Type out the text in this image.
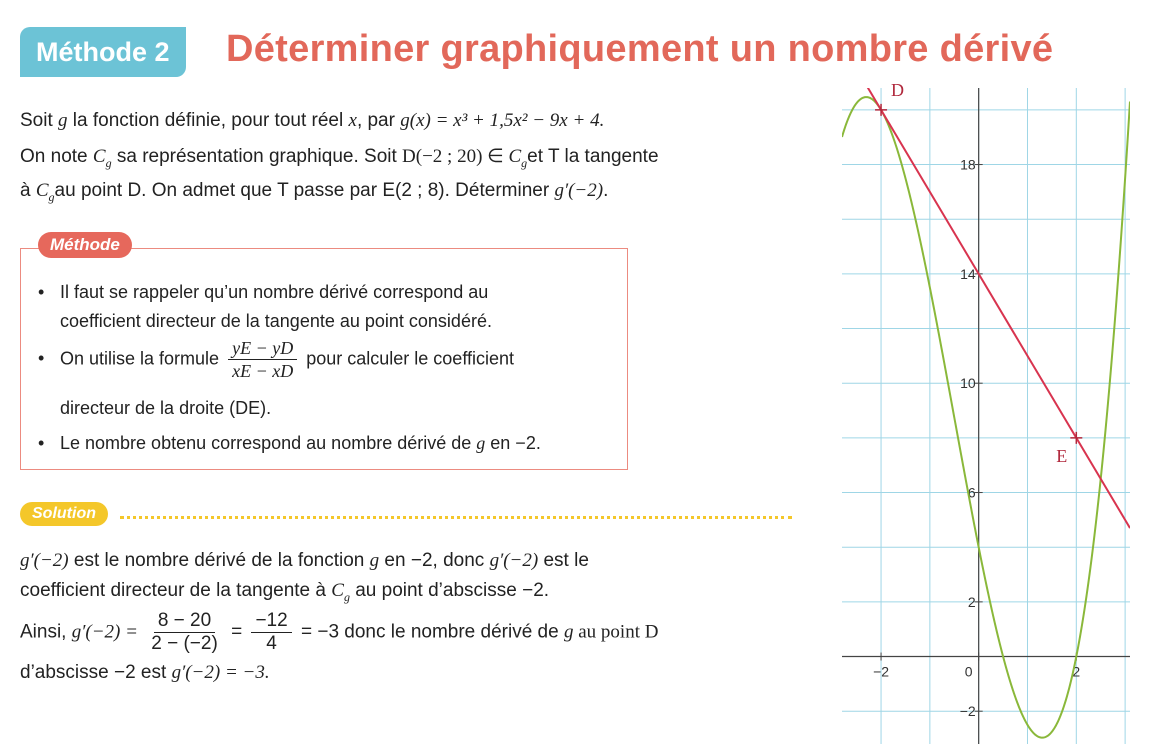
Méthode 2	Déterminer graphiquement un nombre dérivé
Soit g la fonction définie, pour tout réel x, par g(x) = x³ + 1,5x² − 9x + 4.
On note $C_g$ sa représentation graphique. Soit D(−2 ; 20) ∈ $C_get$ T la tangente
à $C_gau$ point D. On admet que T passe par E(2 ; 8). Déterminer g′(−2).
Méthode
• Il faut se rappeler qu’un nombre dérivé correspond au
coefficient directeur de la tangente au point considéré.
• On utilise la formule $\frac{yE - yD}{xE - xD}$ pour calculer le coefficient
directeur de la droite (DE).
• Le nombre obtenu correspond au nombre dérivé de g en −2.
Solution
g′(−2) est le nombre dérivé de la fonction g en −2, donc g′(−2) est le
coefficient directeur de la tangente à $C_g$ au point d’abscisse −2.
Ainsi, $g'(-2) = \frac{8 - 20}{2 - (-2)} = \frac{-12}{4} = -3$ donc le nombre dérivé de g au point D
d’abscisse −2 est g′(−2) = −3.
18
14
10
6
2
−2
−2	0	2
D
E
